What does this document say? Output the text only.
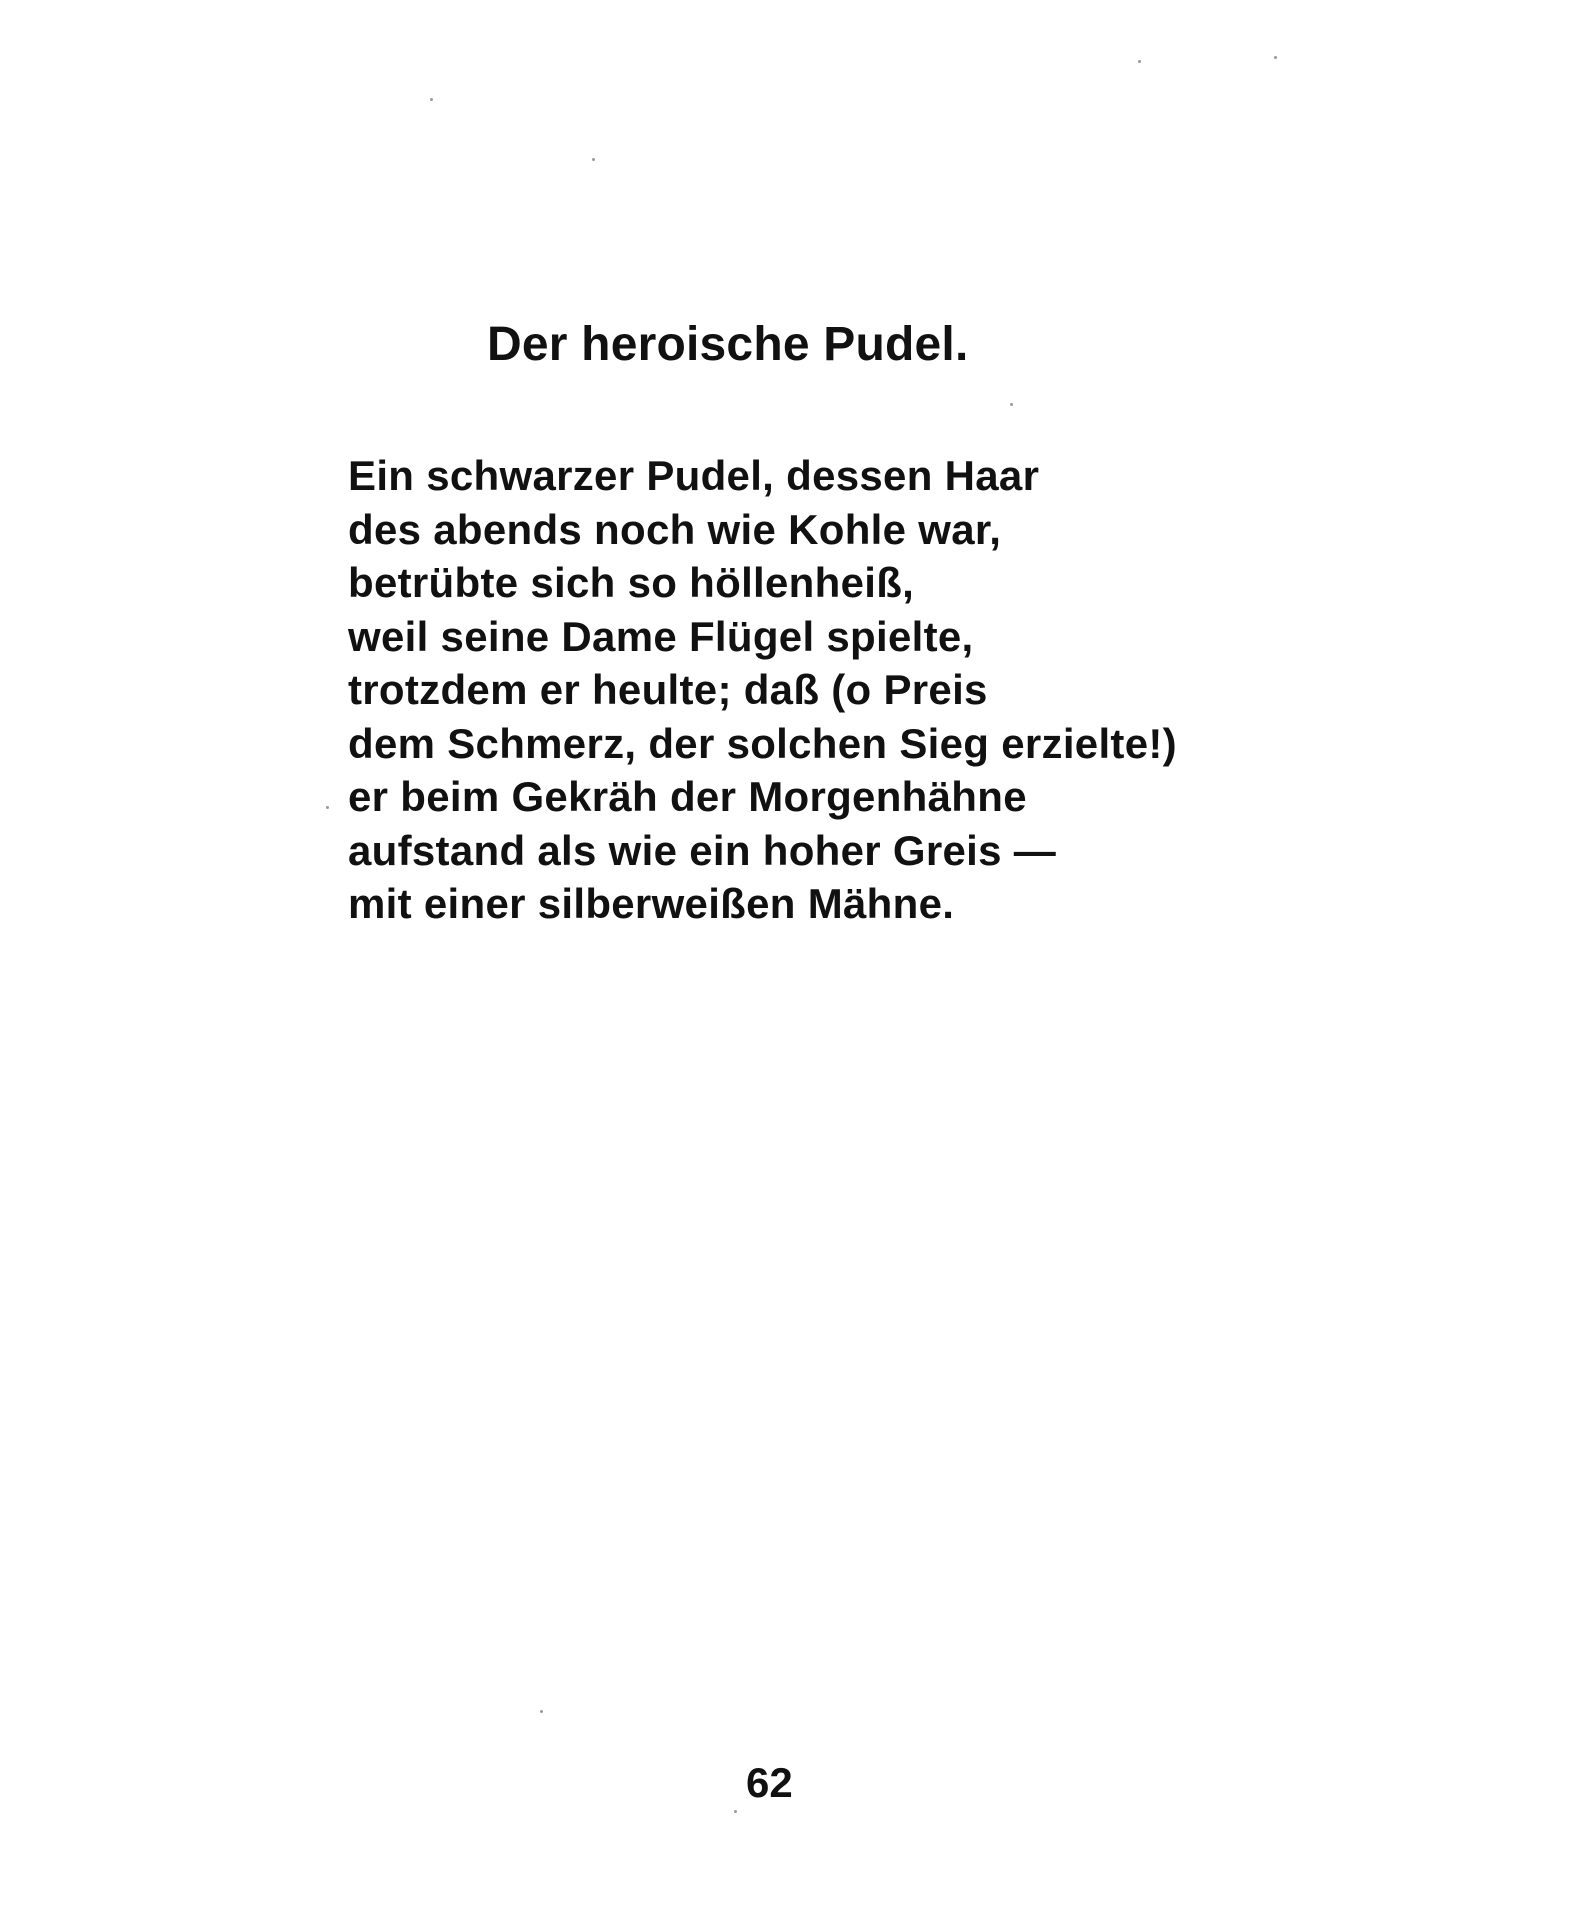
Der heroische Pudel.
Ein schwarzer Pudel, dessen Haar
des abends noch wie Kohle war,
betrübte sich so höllenheiß,
weil seine Dame Flügel spielte,
trotzdem er heulte; daß (o Preis
dem Schmerz, der solchen Sieg erzielte!)
er beim Gekräh der Morgenhähne
aufstand als wie ein hoher Greis —
mit einer silberweißen Mähne.
62
